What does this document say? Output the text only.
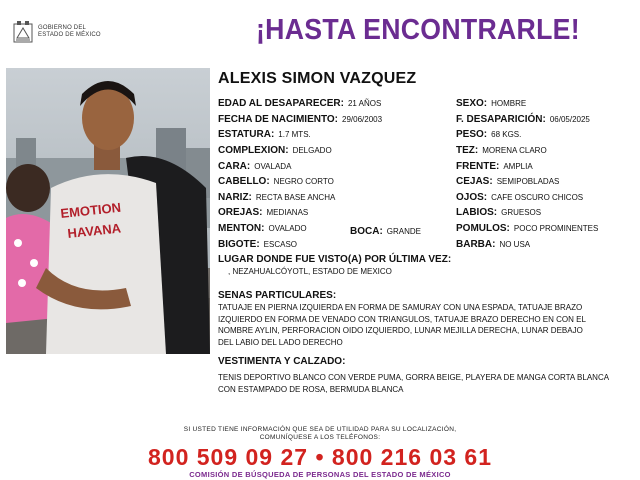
GOBIERNO DEL
ESTADO DE MÉXICO	¡HASTA ENCONTRARLE!
EMOTION
HAVANA
ALEXIS SIMON VAZQUEZ
EDAD AL DESAPARECER: 21 AÑOS
FECHA DE NACIMIENTO: 29/06/2003
ESTATURA: 1.7 MTS.
COMPLEXION: DELGADO
CARA: OVALADA
CABELLO: NEGRO CORTO
NARIZ: RECTA BASE ANCHA
OREJAS: MEDIANAS
MENTON: OVALADO	BOCA: GRANDE
BIGOTE: ESCASO
SEXO: HOMBRE
F. DESAPARICIÓN: 06/05/2025
PESO: 68 KGS.
TEZ: MORENA CLARO
FRENTE: AMPLIA
CEJAS: SEMIPOBLADAS
OJOS: CAFE OSCURO CHICOS
LABIOS: GRUESOS
POMULOS: POCO PROMINENTES
BARBA: NO USA
LUGAR DONDE FUE VISTO(A) POR ÚLTIMA VEZ:
, NEZAHUALCÓYOTL, ESTADO DE MEXICO
SENAS PARTICULARES:
TATUAJE EN PIERNA IZQUIERDA EN FORMA DE SAMURAY CON UNA ESPADA, TATUAJE BRAZO IZQUIERDO EN FORMA DE VENADO CON TRIANGULOS, TATUAJE BRAZO DERECHO EN CON EL NOMBRE AYLIN, PERFORACION OIDO IZQUIERDO, LUNAR MEJILLA DERECHA, LUNAR DEBAJO DEL LABIO DEL LADO DERECHO
VESTIMENTA Y CALZADO:
TENIS DEPORTIVO BLANCO CON VERDE PUMA, GORRA BEIGE, PLAYERA DE MANGA CORTA BLANCA CON ESTAMPADO DE ROSA, BERMUDA BLANCA
SI USTED TIENE INFORMACIÓN QUE SEA DE UTILIDAD PARA SU LOCALIZACIÓN,
COMUNÍQUESE A LOS TELÉFONOS:
800 509 09 27 • 800 216 03 61
COMISIÓN DE BÚSQUEDA DE PERSONAS DEL ESTADO DE MÉXICO
